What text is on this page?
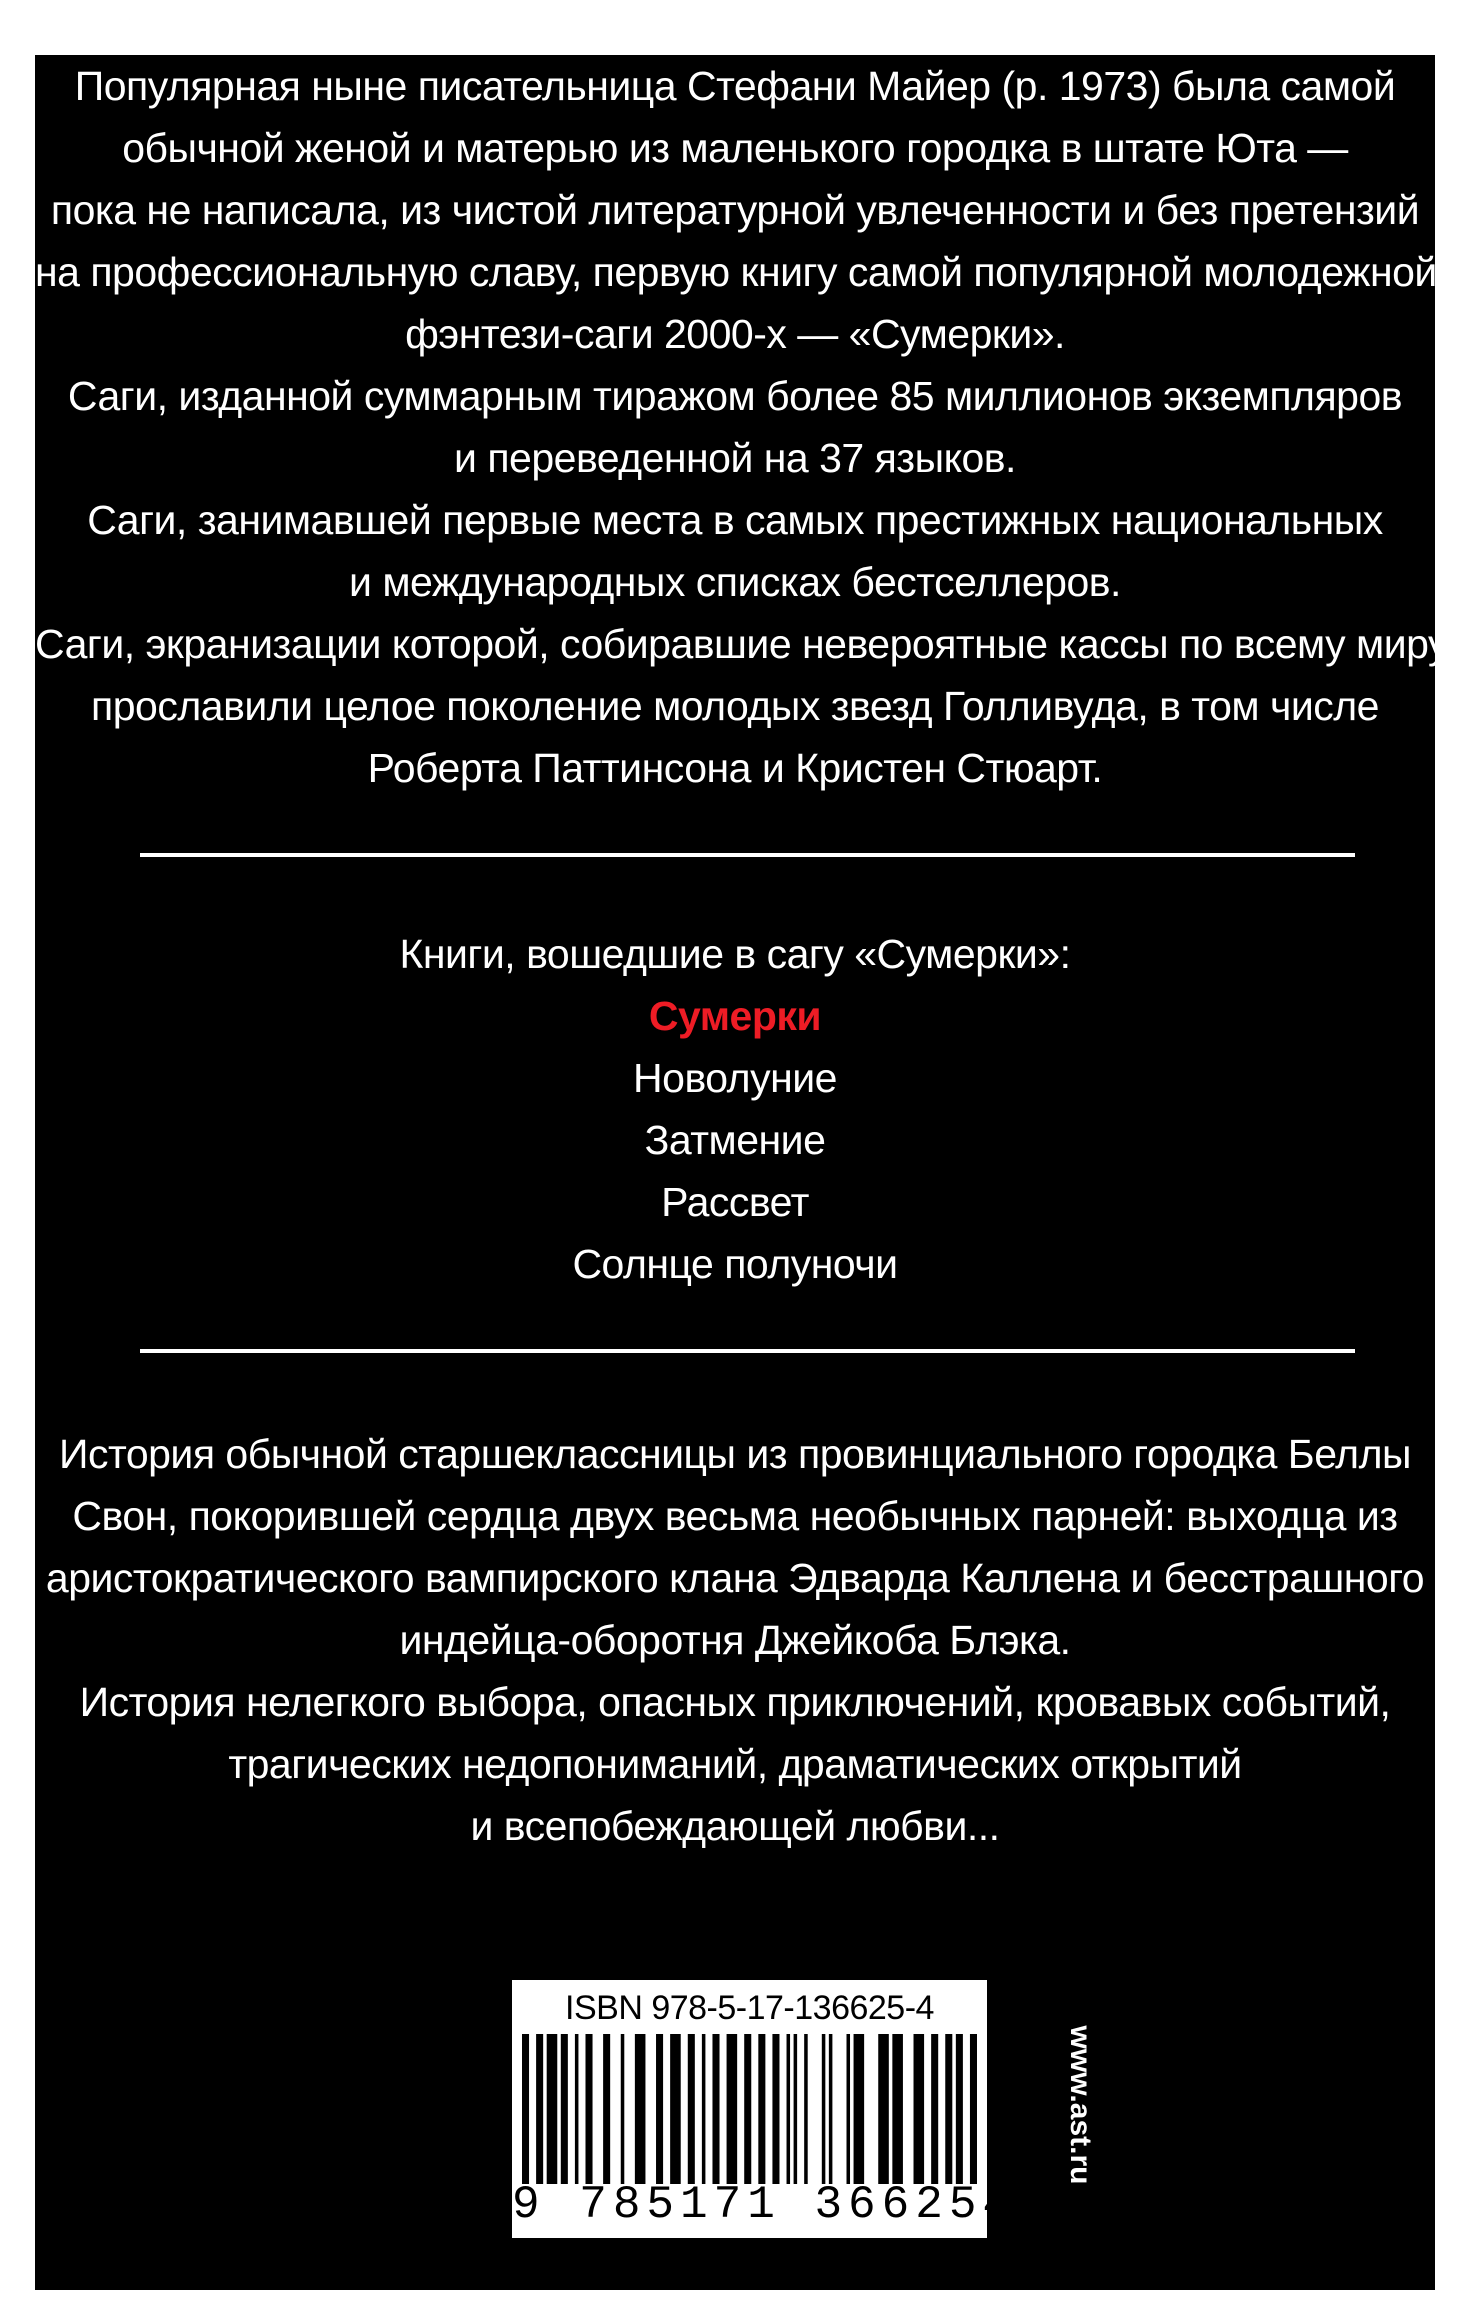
Популярная ныне писательница Стефани Майер (р. 1973) была самой
обычной женой и матерью из маленького городка в штате Юта —
пока не написала, из чистой литературной увлеченности и без претензий
на профессиональную славу, первую книгу самой популярной молодежной
фэнтези-саги 2000-х — «Сумерки».
Саги, изданной суммарным тиражом более 85 миллионов экземпляров
и переведенной на 37 языков.
Саги, занимавшей первые места в самых престижных национальных
и международных списках бестселлеров.
Саги, экранизации которой, собиравшие невероятные кассы по всему миру,
прославили целое поколение молодых звезд Голливуда, в том числе
Роберта Паттинсона и Кристен Стюарт.
Книги, вошедшие в сагу «Сумерки»:
Сумерки
Новолуние
Затмение
Рассвет
Солнце полуночи
История обычной старшеклассницы из провинциального городка Беллы
Свон, покорившей сердца двух весьма необычных парней: выходца из
аристократического вампирского клана Эдварда Каллена и бесстрашного
индейца-оборотня Джейкоба Блэка.
История нелегкого выбора, опасных приключений, кровавых событий,
трагических недопониманий, драматических открытий
и всепобеждающей любви...
ISBN 978-5-17-136625-4
9 785171 366254
www.ast.ru
